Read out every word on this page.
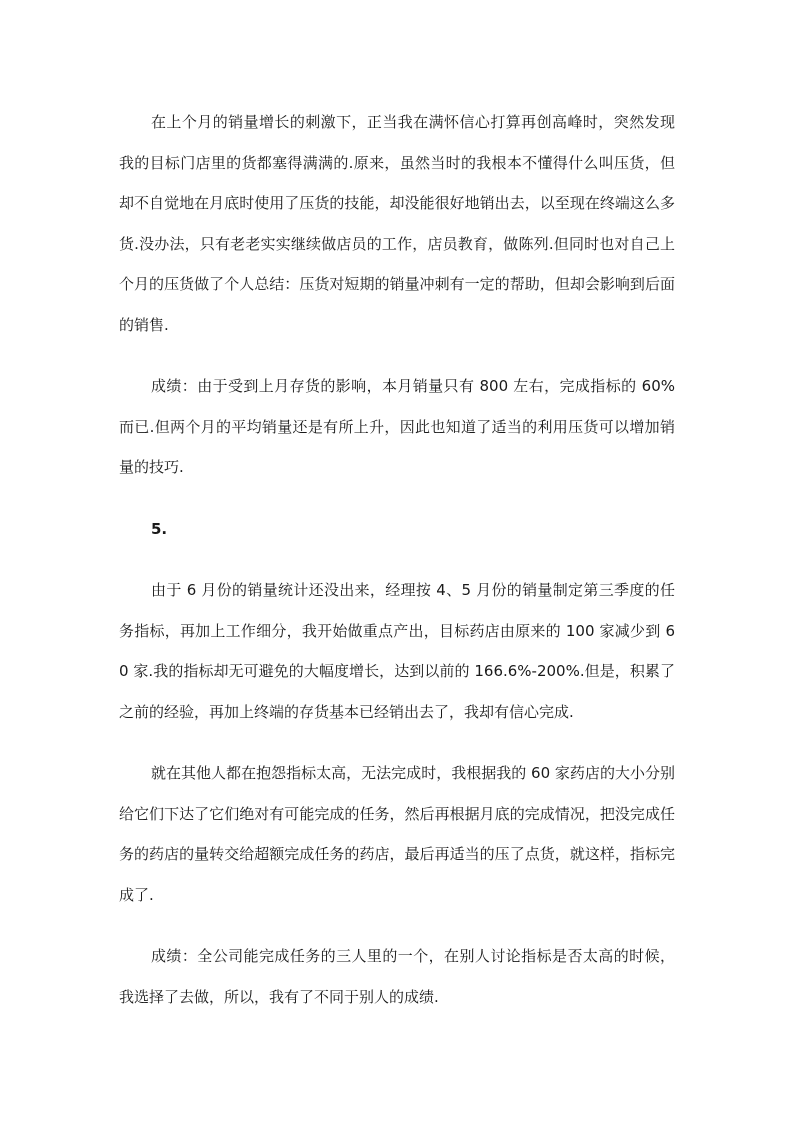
在上个月的销量增长的刺激下，正当我在满怀信心打算再创高峰时，突然发现我的目标门店里的货都塞得满满的.原来，虽然当时的我根本不懂得什么叫压货，但却不自觉地在月底时使用了压货的技能，却没能很好地销出去，以至现在终端这么多货.没办法，只有老老实实继续做店员的工作，店员教育，做陈列.但同时也对自己上个月的压货做了个人总结：压货对短期的销量冲刺有一定的帮助，但却会影响到后面的销售.

成绩：由于受到上月存货的影响，本月销量只有 800 左右，完成指标的 60%而已.但两个月的平均销量还是有所上升，因此也知道了适当的利用压货可以增加销量的技巧.

5.

由于 6 月份的销量统计还没出来，经理按 4、5 月份的销量制定第三季度的任务指标，再加上工作细分，我开始做重点产出，目标药店由原来的 100 家减少到 60 家.我的指标却无可避免的大幅度增长，达到以前的 166.6%-200%.但是，积累了之前的经验，再加上终端的存货基本已经销出去了，我却有信心完成.

就在其他人都在抱怨指标太高，无法完成时，我根据我的 60 家药店的大小分别给它们下达了它们绝对有可能完成的任务，然后再根据月底的完成情况，把没完成任务的药店的量转交给超额完成任务的药店，最后再适当的压了点货，就这样，指标完成了.

成绩：全公司能完成任务的三人里的一个，在别人讨论指标是否太高的时候，我选择了去做，所以，我有了不同于别人的成绩.
